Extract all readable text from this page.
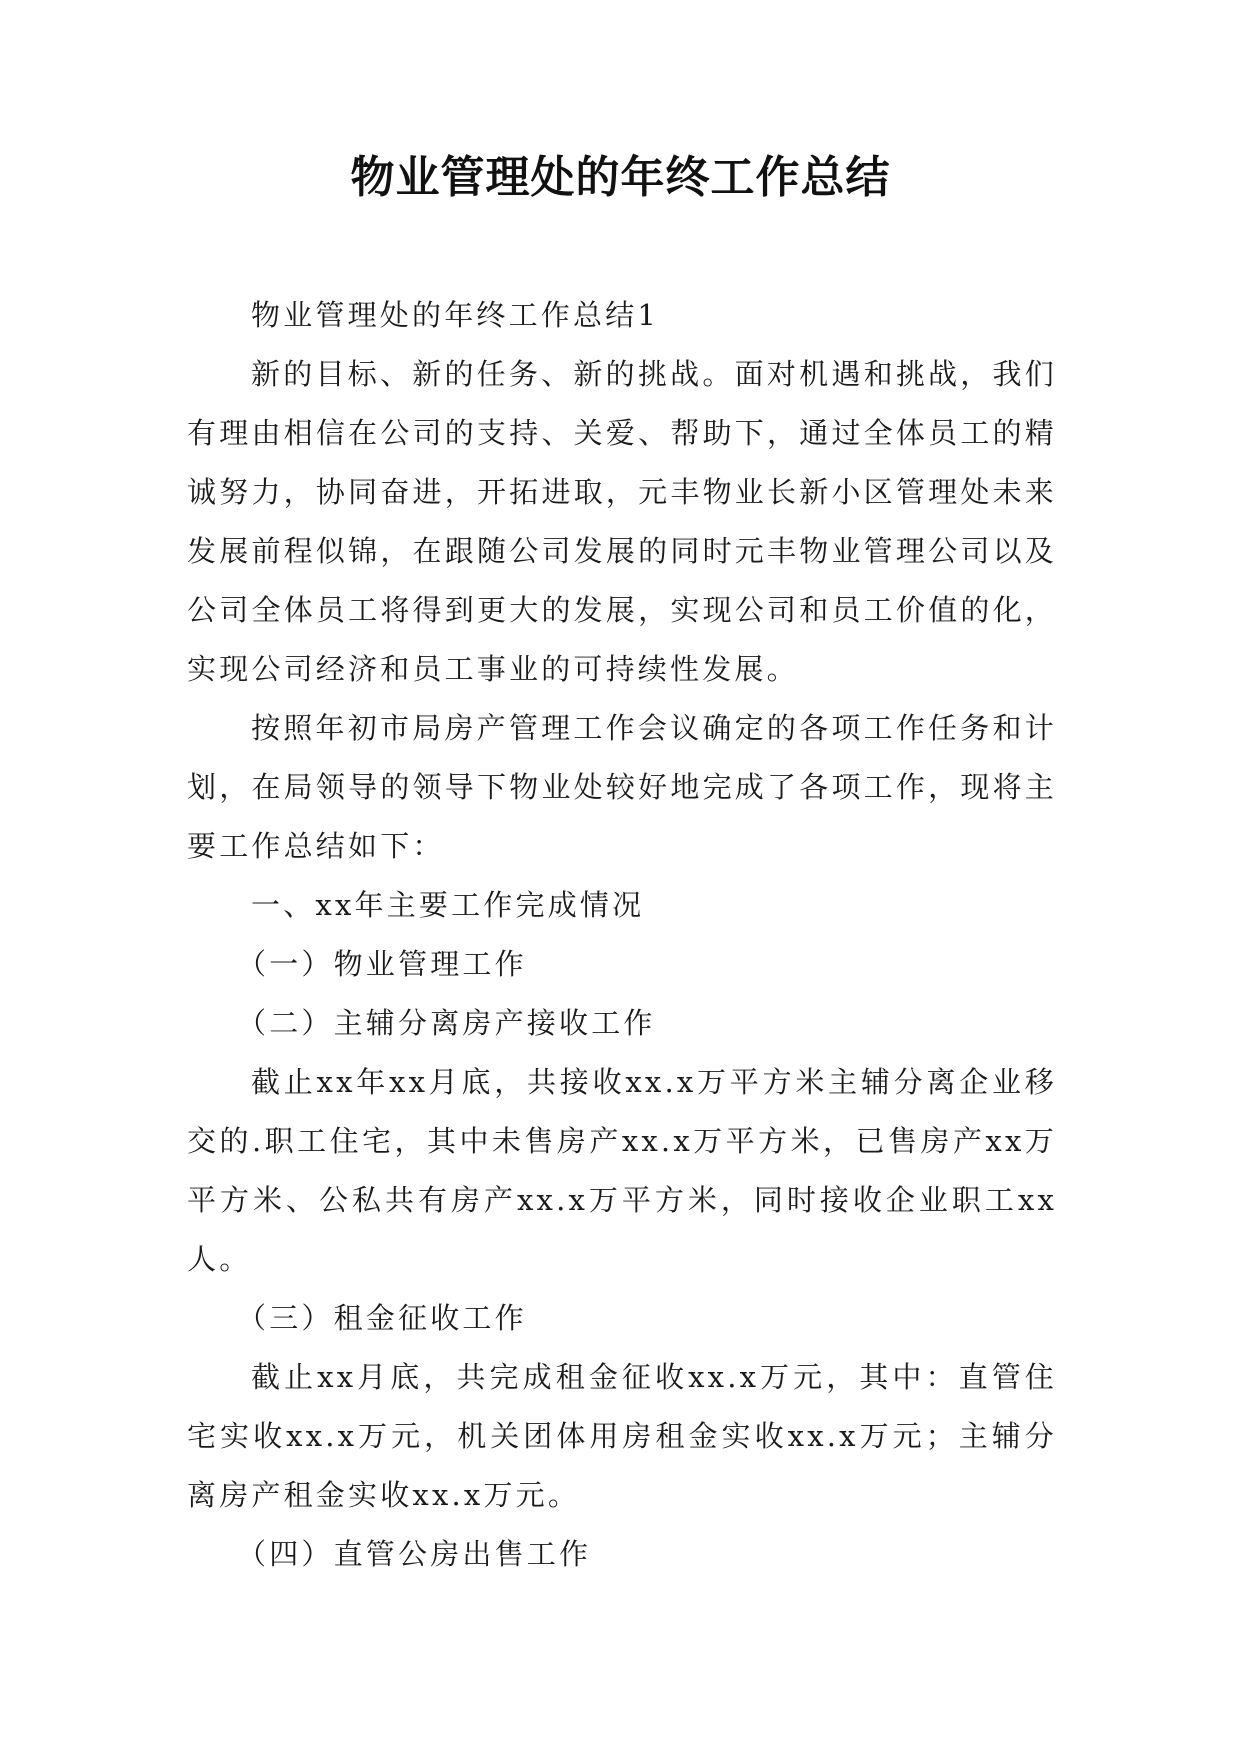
物业管理处的年终工作总结

物业管理处的年终工作总结1

新的目标、新的任务、新的挑战。面对机遇和挑战，我们有理由相信在公司的支持、关爱、帮助下，通过全体员工的精诚努力，协同奋进，开拓进取，元丰物业长新小区管理处未来发展前程似锦，在跟随公司发展的同时元丰物业管理公司以及公司全体员工将得到更大的发展，实现公司和员工价值的化，实现公司经济和员工事业的可持续性发展。

按照年初市局房产管理工作会议确定的各项工作任务和计划，在局领导的领导下物业处较好地完成了各项工作，现将主要工作总结如下：

一、xx年主要工作完成情况

（一）物业管理工作

（二）主辅分离房产接收工作

截止xx年xx月底，共接收xx.x万平方米主辅分离企业移交的.职工住宅，其中未售房产xx.x万平方米，已售房产xx万平方米、公私共有房产xx.x万平方米，同时接收企业职工xx人。

（三）租金征收工作

截止xx月底，共完成租金征收xx.x万元，其中：直管住宅实收xx.x万元，机关团体用房租金实收xx.x万元；主辅分离房产租金实收xx.x万元。

（四）直管公房出售工作
